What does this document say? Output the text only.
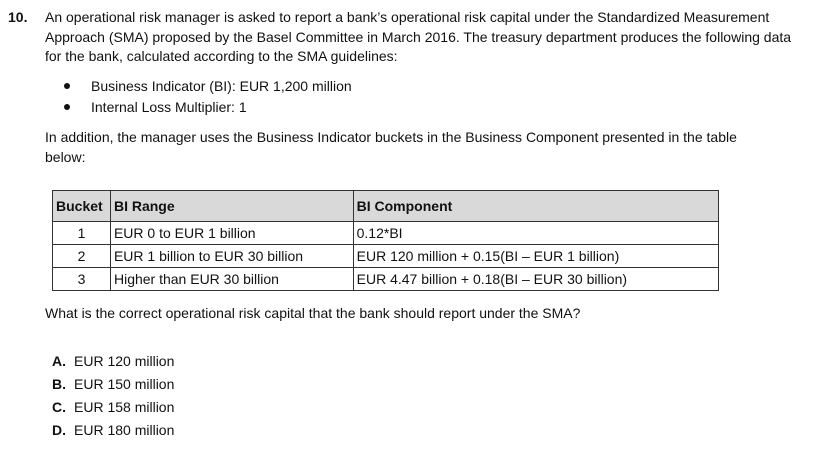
10. An operational risk manager is asked to report a bank’s operational risk capital under the Standardized Measurement Approach (SMA) proposed by the Basel Committee in March 2016. The treasury department produces the following data for the bank, calculated according to the SMA guidelines:
Business Indicator (BI): EUR 1,200 million
Internal Loss Multiplier: 1
In addition, the manager uses the Business Indicator buckets in the Business Component presented in the table below:
Bucket	BI Range	BI Component
1	EUR 0 to EUR 1 billion	0.12*BI
2	EUR 1 billion to EUR 30 billion	EUR 120 million + 0.15(BI – EUR 1 billion)
3	Higher than EUR 30 billion	EUR 4.47 billion + 0.18(BI – EUR 30 billion)
What is the correct operational risk capital that the bank should report under the SMA?
A. EUR 120 million
B. EUR 150 million
C. EUR 158 million
D. EUR 180 million
